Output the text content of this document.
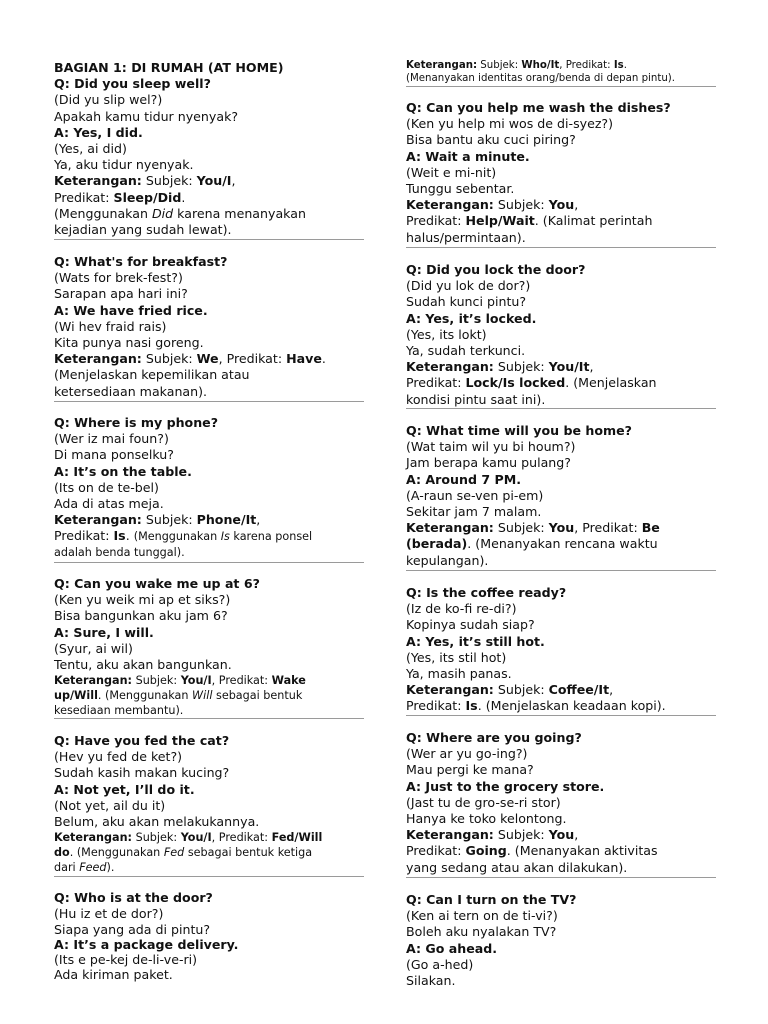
BAGIAN 1: DI RUMAH (AT HOME)
Q: Did you sleep well?
(Did yu slip wel?)
Apakah kamu tidur nyenyak?
A: Yes, I did.
(Yes, ai did)
Ya, aku tidur nyenyak.
Keterangan: Subjek: You/I,
Predikat: Sleep/Did.
(Menggunakan Did karena menanyakan
kejadian yang sudah lewat).
Q: What's for breakfast?
(Wats for brek-fest?)
Sarapan apa hari ini?
A: We have fried rice.
(Wi hev fraid rais)
Kita punya nasi goreng.
Keterangan: Subjek: We, Predikat: Have.
(Menjelaskan kepemilikan atau
ketersediaan makanan).
Q: Where is my phone?
(Wer iz mai foun?)
Di mana ponselku?
A: It’s on the table.
(Its on de te-bel)
Ada di atas meja.
Keterangan: Subjek: Phone/It,
Predikat: Is. (Menggunakan Is karena ponsel
adalah benda tunggal).
Q: Can you wake me up at 6?
(Ken yu weik mi ap et siks?)
Bisa bangunkan aku jam 6?
A: Sure, I will.
(Syur, ai wil)
Tentu, aku akan bangunkan.
Keterangan: Subjek: You/I, Predikat: Wake
up/Will. (Menggunakan Will sebagai bentuk
kesediaan membantu).
Q: Have you fed the cat?
(Hev yu fed de ket?)
Sudah kasih makan kucing?
A: Not yet, I’ll do it.
(Not yet, ail du it)
Belum, aku akan melakukannya.
Keterangan: Subjek: You/I, Predikat: Fed/Will
do. (Menggunakan Fed sebagai bentuk ketiga
dari Feed).
Q: Who is at the door?
(Hu iz et de dor?)
Siapa yang ada di pintu?
A: It’s a package delivery.
(Its e pe-kej de-li-ve-ri)
Ada kiriman paket.
Keterangan: Subjek: Who/It, Predikat: Is.
(Menanyakan identitas orang/benda di depan pintu).
Q: Can you help me wash the dishes?
(Ken yu help mi wos de di-syez?)
Bisa bantu aku cuci piring?
A: Wait a minute.
(Weit e mi-nit)
Tunggu sebentar.
Keterangan: Subjek: You,
Predikat: Help/Wait. (Kalimat perintah
halus/permintaan).
Q: Did you lock the door?
(Did yu lok de dor?)
Sudah kunci pintu?
A: Yes, it’s locked.
(Yes, its lokt)
Ya, sudah terkunci.
Keterangan: Subjek: You/It,
Predikat: Lock/Is locked. (Menjelaskan
kondisi pintu saat ini).
Q: What time will you be home?
(Wat taim wil yu bi houm?)
Jam berapa kamu pulang?
A: Around 7 PM.
(A-raun se-ven pi-em)
Sekitar jam 7 malam.
Keterangan: Subjek: You, Predikat: Be
(berada). (Menanyakan rencana waktu
kepulangan).
Q: Is the coffee ready?
(Iz de ko-fi re-di?)
Kopinya sudah siap?
A: Yes, it’s still hot.
(Yes, its stil hot)
Ya, masih panas.
Keterangan: Subjek: Coffee/It,
Predikat: Is. (Menjelaskan keadaan kopi).
Q: Where are you going?
(Wer ar yu go-ing?)
Mau pergi ke mana?
A: Just to the grocery store.
(Jast tu de gro-se-ri stor)
Hanya ke toko kelontong.
Keterangan: Subjek: You,
Predikat: Going. (Menanyakan aktivitas
yang sedang atau akan dilakukan).
Q: Can I turn on the TV?
(Ken ai tern on de ti-vi?)
Boleh aku nyalakan TV?
A: Go ahead.
(Go a-hed)
Silakan.
